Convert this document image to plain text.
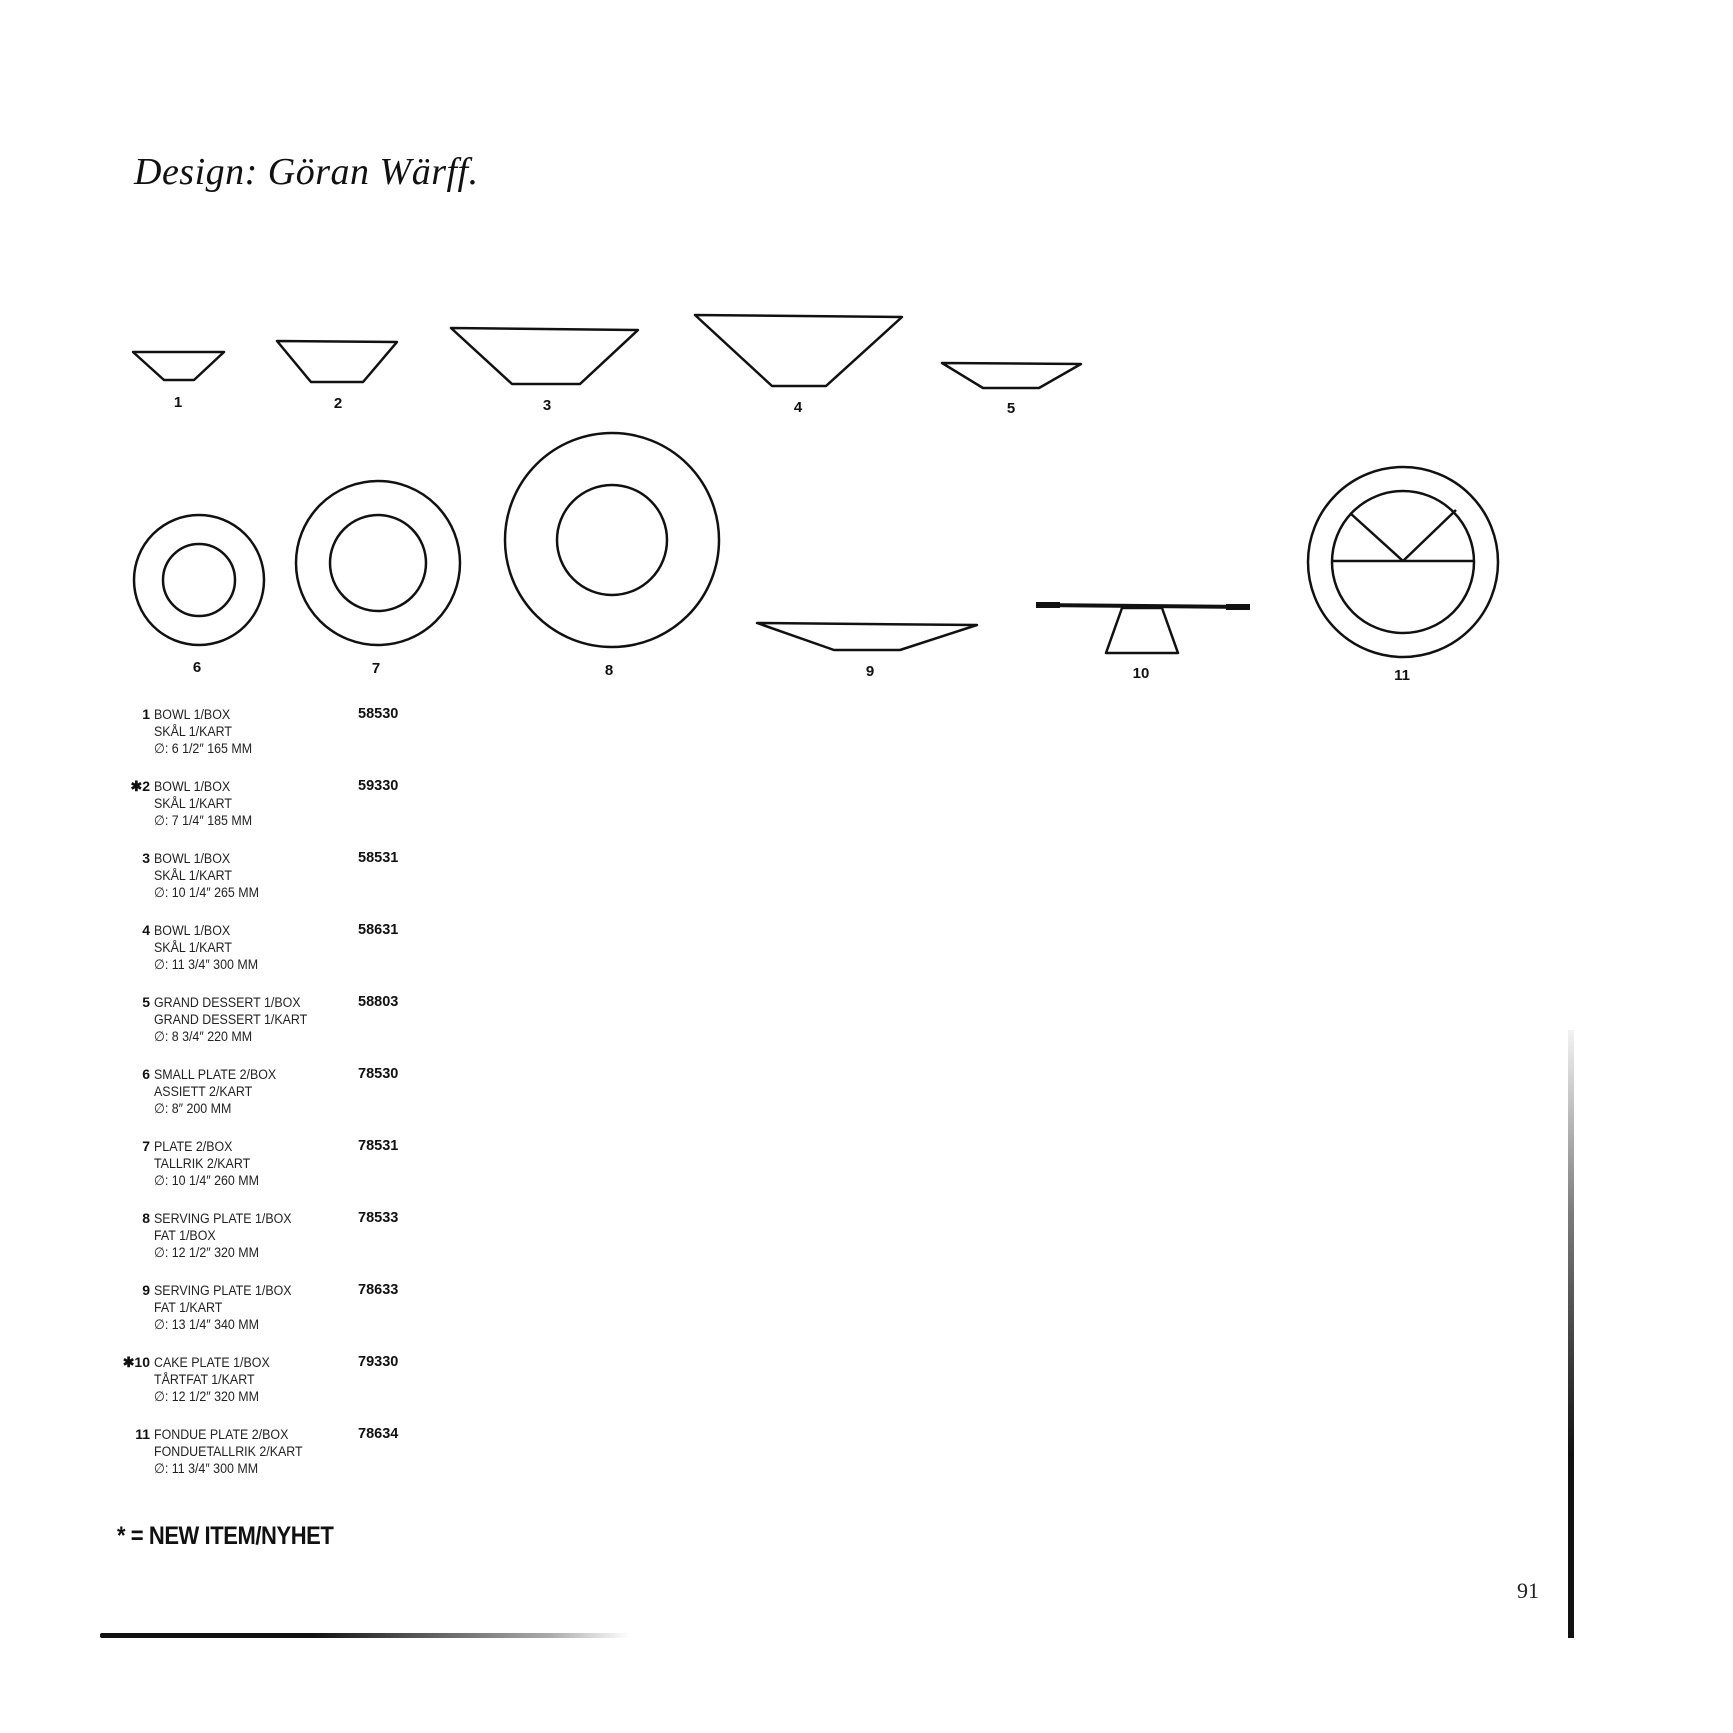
Design: Göran Wärff.
1	2	3	4	5
6	7	8	9	10	11
1 BOWL 1/BOX
SKÅL 1/KART
∅: 6 1/2″ 165 MM
58530
✱2 BOWL 1/BOX
SKÅL 1/KART
∅: 7 1/4″ 185 MM
59330
3 BOWL 1/BOX
SKÅL 1/KART
∅: 10 1/4″ 265 MM
58531
4 BOWL 1/BOX
SKÅL 1/KART
∅: 11 3/4″ 300 MM
58631
5 GRAND DESSERT 1/BOX
GRAND DESSERT 1/KART
∅: 8 3/4″ 220 MM
58803
6 SMALL PLATE 2/BOX
ASSIETT 2/KART
∅: 8″ 200 MM
78530
7 PLATE 2/BOX
TALLRIK 2/KART
∅: 10 1/4″ 260 MM
78531
8 SERVING PLATE 1/BOX
FAT 1/BOX
∅: 12 1/2″ 320 MM
78533
9 SERVING PLATE 1/BOX
FAT 1/KART
∅: 13 1/4″ 340 MM
78633
✱10 CAKE PLATE 1/BOX
TÅRTFAT 1/KART
∅: 12 1/2″ 320 MM
79330
11 FONDUE PLATE 2/BOX
FONDUETALLRIK 2/KART
∅: 11 3/4″ 300 MM
78634
* = NEW ITEM/NYHET
91
